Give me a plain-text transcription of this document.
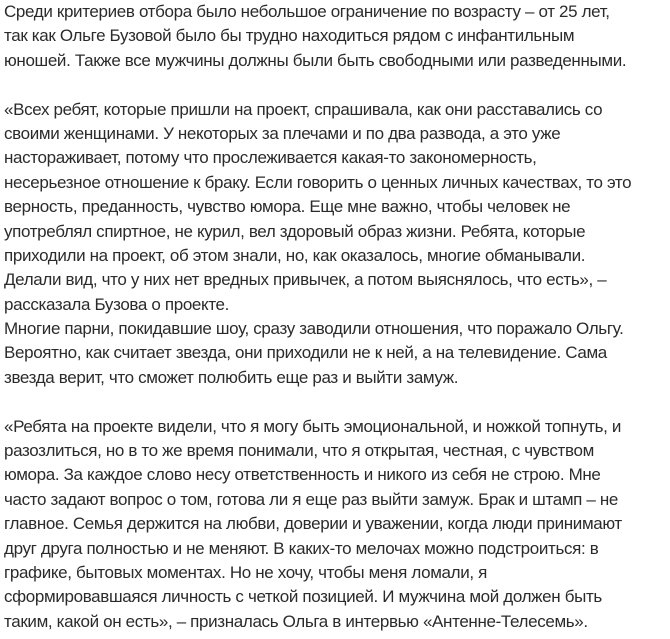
Среди критериев отбора было небольшое ограничение по возрасту – от 25 лет,
так как Ольге Бузовой было бы трудно находиться рядом с инфантильным
юношей. Также все мужчины должны были быть свободными или разведенными.
«Всех ребят, которые пришли на проект, спрашивала, как они расставались со
своими женщинами. У некоторых за плечами и по два развода, а это уже
настораживает, потому что прослеживается какая-то закономерность,
несерьезное отношение к браку. Если говорить о ценных личных качествах, то это
верность, преданность, чувство юмора. Еще мне важно, чтобы человек не
употреблял спиртное, не курил, вел здоровый образ жизни. Ребята, которые
приходили на проект, об этом знали, но, как оказалось, многие обманывали.
Делали вид, что у них нет вредных привычек, а потом выяснялось, что есть», –
рассказала Бузова о проекте.
Многие парни, покидавшие шоу, сразу заводили отношения, что поражало Ольгу.
Вероятно, как считает звезда, они приходили не к ней, а на телевидение. Сама
звезда верит, что сможет полюбить еще раз и выйти замуж.
«Ребята на проекте видели, что я могу быть эмоциональной, и ножкой топнуть, и
разозлиться, но в то же время понимали, что я открытая, честная, с чувством
юмора. За каждое слово несу ответственность и никого из себя не строю. Мне
часто задают вопрос о том, готова ли я еще раз выйти замуж. Брак и штамп – не
главное. Семья держится на любви, доверии и уважении, когда люди принимают
друг друга полностью и не меняют. В каких-то мелочах можно подстроиться: в
графике, бытовых моментах. Но не хочу, чтобы меня ломали, я
сформировавшаяся личность с четкой позицией. И мужчина мой должен быть
таким, какой он есть», – призналась Ольга в интервью «Антенне-Телесемь».
